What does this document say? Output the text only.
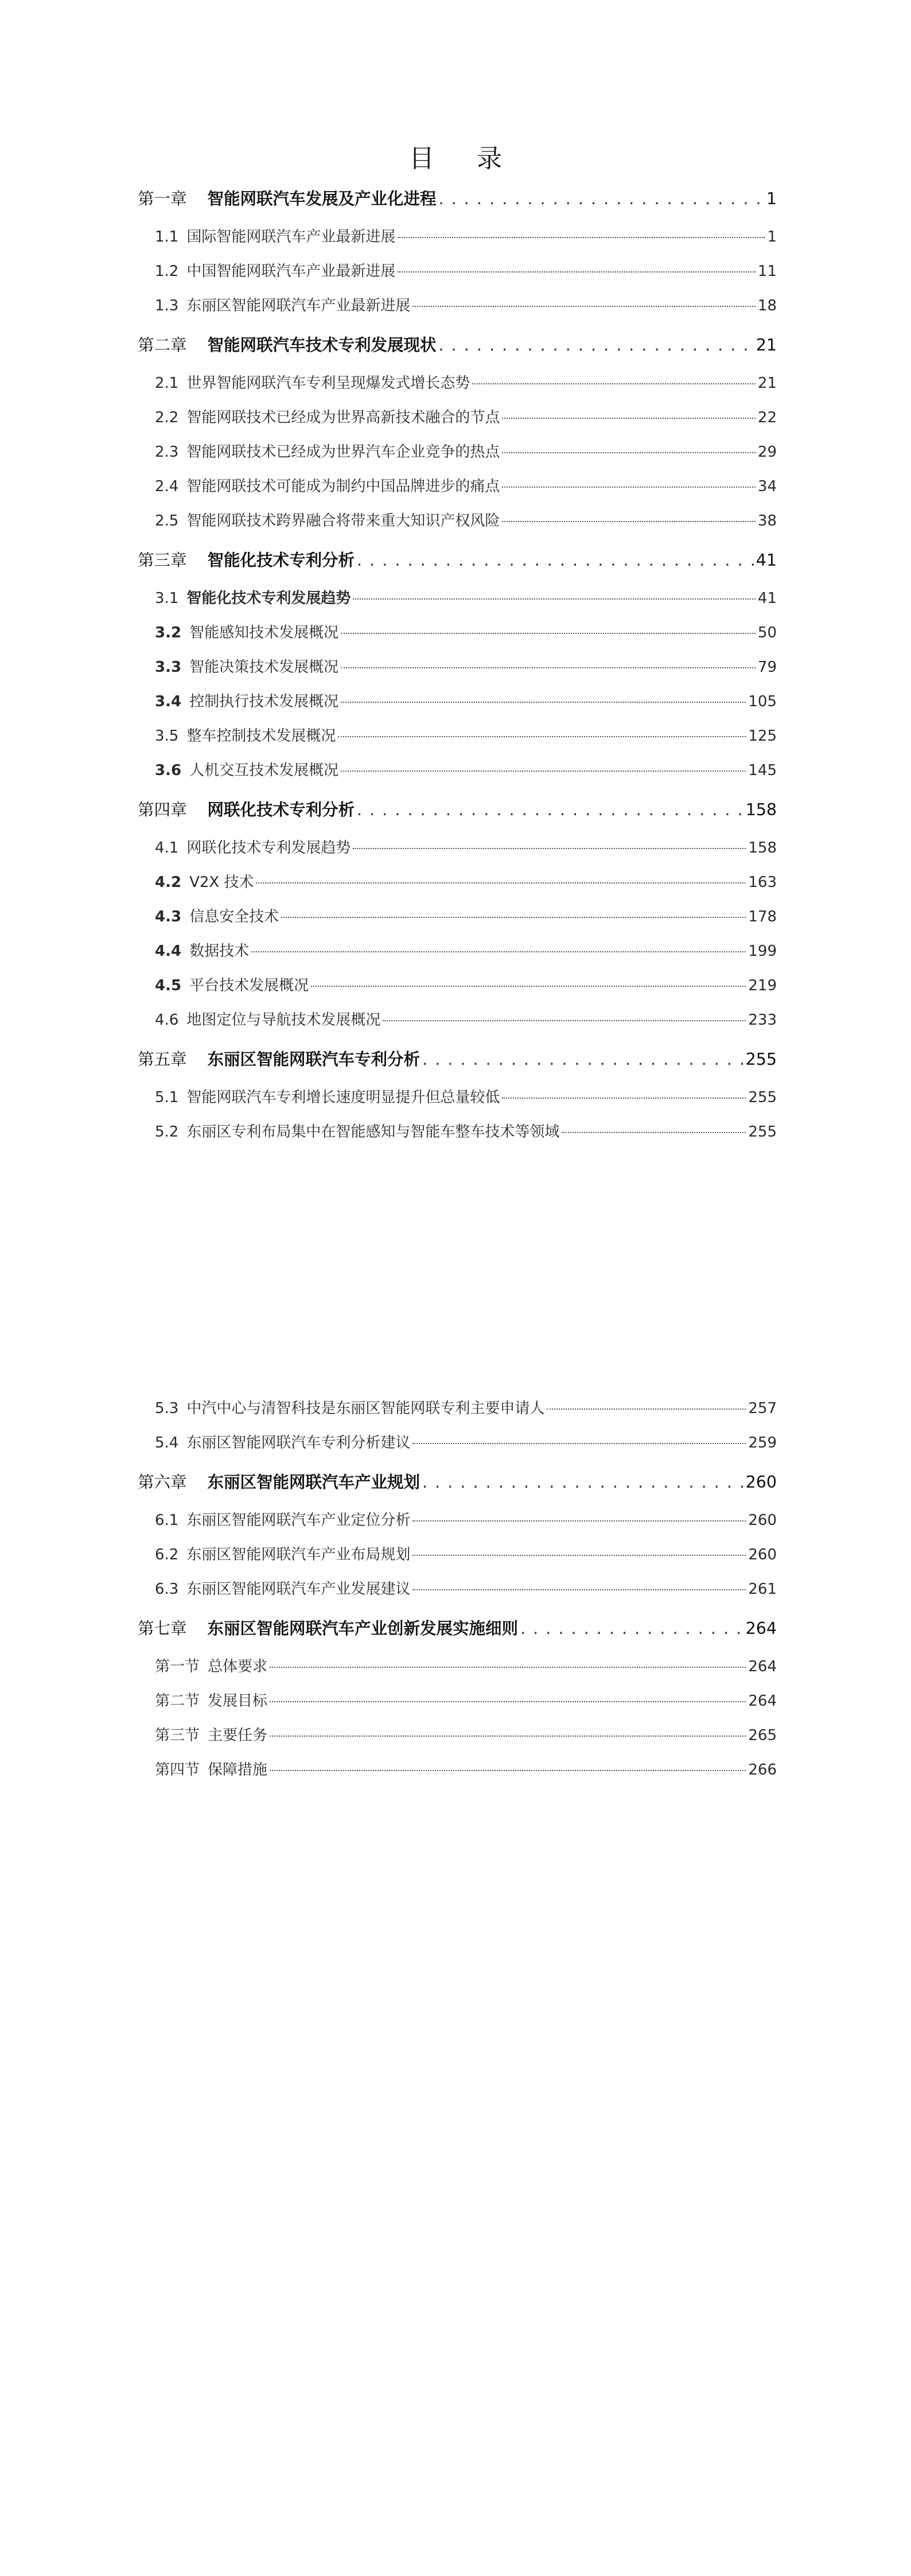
目 录
第一章 智能网联汽车发展及产业化进程 . . .	1
1.1 国际智能网联汽车产业最新进展	1
1.2 中国智能网联汽车产业最新进展	11
1.3 东丽区智能网联汽车产业最新进展	18
第二章 智能网联汽车技术专利发展现状 . . .	21
2.1 世界智能网联汽车专利呈现爆发式增长态势	21
2.2 智能网联技术已经成为世界高新技术融合的节点	22
2.3 智能网联技术已经成为世界汽车企业竞争的热点	29
2.4 智能网联技术可能成为制约中国品牌进步的痛点	34
2.5 智能网联技术跨界融合将带来重大知识产权风险	38
第三章 智能化技术专利分析 . . .	41
3.1 智能化技术专利发展趋势	41
3.2 智能感知技术发展概况	50
3.3 智能决策技术发展概况	79
3.4 控制执行技术发展概况	105
3.5 整车控制技术发展概况	125
3.6 人机交互技术发展概况	145
第四章 网联化技术专利分析 . . .	158
4.1 网联化技术专利发展趋势	158
4.2 V2X 技术	163
4.3 信息安全技术	178
4.4 数据技术	199
4.5 平台技术发展概况	219
4.6 地图定位与导航技术发展概况	233
第五章 东丽区智能网联汽车专利分析 . . .	255
5.1 智能网联汽车专利增长速度明显提升但总量较低	255
5.2 东丽区专利布局集中在智能感知与智能车整车技术等领域	255
5.3 中汽中心与清智科技是东丽区智能网联专利主要申请人	257
5.4 东丽区智能网联汽车专利分析建议	259
第六章 东丽区智能网联汽车产业规划 . . .	260
6.1 东丽区智能网联汽车产业定位分析	260
6.2 东丽区智能网联汽车产业布局规划	260
6.3 东丽区智能网联汽车产业发展建议	261
第七章 东丽区智能网联汽车产业创新发展实施细则 . . .	264
第一节 总体要求	264
第二节 发展目标	264
第三节 主要任务	265
第四节 保障措施	266
